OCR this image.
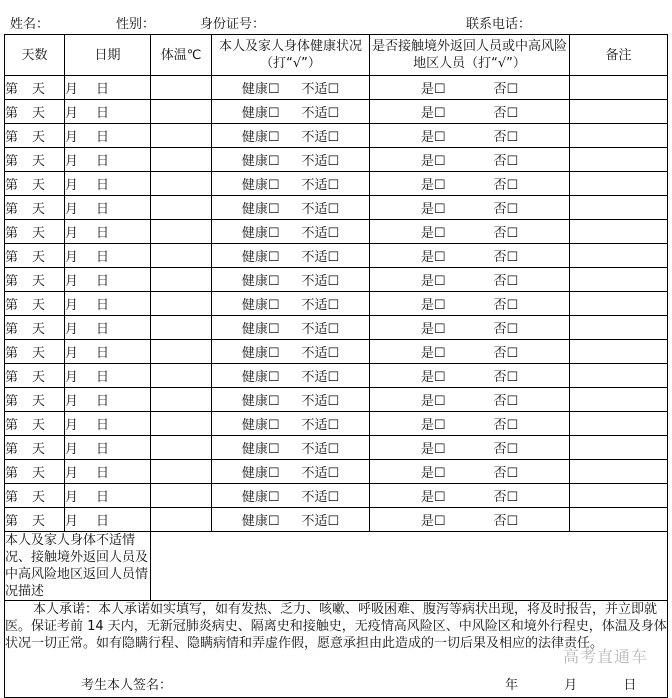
姓名：	性别：	身份证号：	联系电话：
天数	日期	体温℃	本人及家人身体健康状况（打“√”）	是否接触境外返回人员或中高风险地区人员（打“√”）	备注
第 天	月 日		健康☐ 不适☐	是☐ 否☐	
第 天	月 日		健康☐ 不适☐	是☐ 否☐	
第 天	月 日		健康☐ 不适☐	是☐ 否☐	
第 天	月 日		健康☐ 不适☐	是☐ 否☐	
第 天	月 日		健康☐ 不适☐	是☐ 否☐	
第 天	月 日		健康☐ 不适☐	是☐ 否☐	
第 天	月 日		健康☐ 不适☐	是☐ 否☐	
第 天	月 日		健康☐ 不适☐	是☐ 否☐	
第 天	月 日		健康☐ 不适☐	是☐ 否☐	
第 天	月 日		健康☐ 不适☐	是☐ 否☐	
第 天	月 日		健康☐ 不适☐	是☐ 否☐	
第 天	月 日		健康☐ 不适☐	是☐ 否☐	
第 天	月 日		健康☐ 不适☐	是☐ 否☐	
第 天	月 日		健康☐ 不适☐	是☐ 否☐	
第 天	月 日		健康☐ 不适☐	是☐ 否☐	
第 天	月 日		健康☐ 不适☐	是☐ 否☐	
第 天	月 日		健康☐ 不适☐	是☐ 否☐	
第 天	月 日		健康☐ 不适☐	是☐ 否☐	
第 天	月 日		健康☐ 不适☐	是☐ 否☐	
本人及家人身体不适情况、接触境外返回人员及中高风险地区返回人员情况描述					

本人承诺：本人承诺如实填写，如有发热、乏力、咳嗽、呼吸困难、腹泻等病状出现，将及时报告，并立即就医。保证考前 14 天内，无新冠肺炎病史、隔离史和接触史，无疫情高风险区、中风险区和境外行程史，体温及身体状况一切正常。如有隐瞒行程、隐瞒病情和弄虚作假，愿意承担由此造成的一切后果及相应的法律责任。
考生本人签名： 年 月 日					
高考直通车
